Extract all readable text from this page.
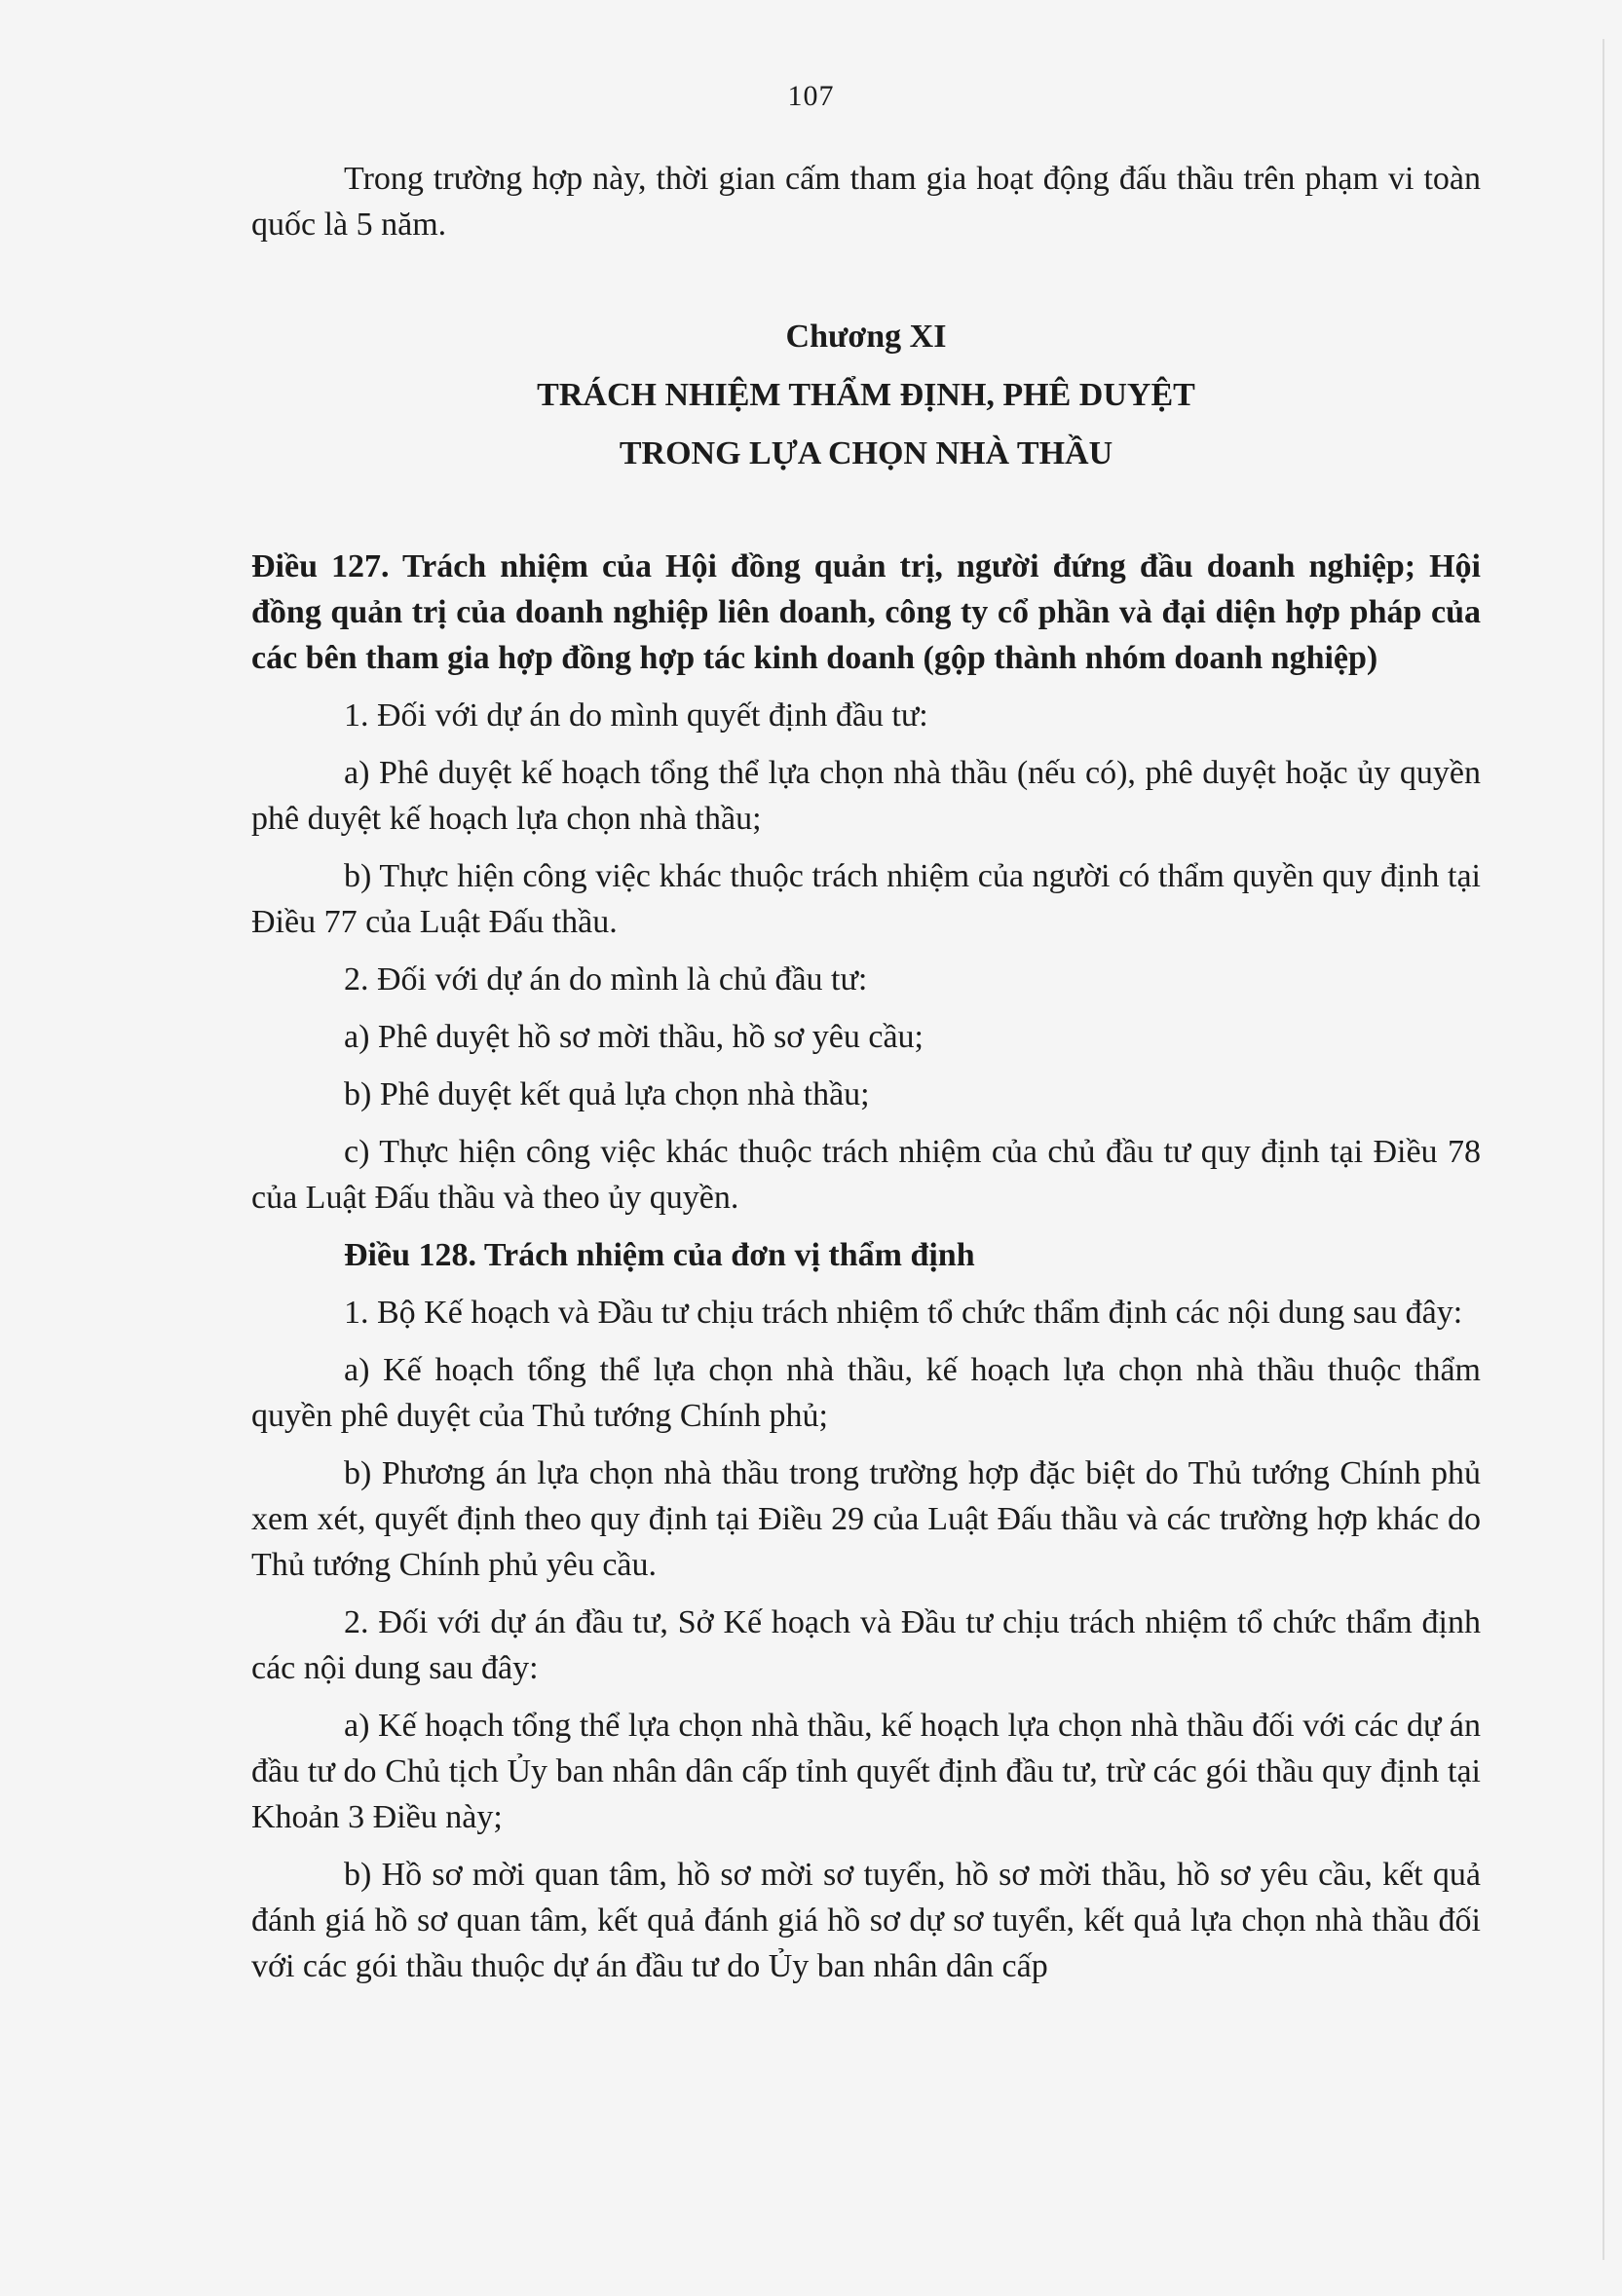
107

Trong trường hợp này, thời gian cấm tham gia hoạt động đấu thầu trên phạm vi toàn quốc là 5 năm.

Chương XI
TRÁCH NHIỆM THẨM ĐỊNH, PHÊ DUYỆT
TRONG LỰA CHỌN NHÀ THẦU
Điều 127. Trách nhiệm của Hội đồng quản trị, người đứng đầu doanh nghiệp; Hội đồng quản trị của doanh nghiệp liên doanh, công ty cổ phần và đại diện hợp pháp của các bên tham gia hợp đồng hợp tác kinh doanh (gộp thành nhóm doanh nghiệp)

1. Đối với dự án do mình quyết định đầu tư:

a) Phê duyệt kế hoạch tổng thể lựa chọn nhà thầu (nếu có), phê duyệt hoặc ủy quyền phê duyệt kế hoạch lựa chọn nhà thầu;

b) Thực hiện công việc khác thuộc trách nhiệm của người có thẩm quyền quy định tại Điều 77 của Luật Đấu thầu.

2. Đối với dự án do mình là chủ đầu tư:

a) Phê duyệt hồ sơ mời thầu, hồ sơ yêu cầu;

b) Phê duyệt kết quả lựa chọn nhà thầu;

c) Thực hiện công việc khác thuộc trách nhiệm của chủ đầu tư quy định tại Điều 78 của Luật Đấu thầu và theo ủy quyền.

Điều 128. Trách nhiệm của đơn vị thẩm định

1. Bộ Kế hoạch và Đầu tư chịu trách nhiệm tổ chức thẩm định các nội dung sau đây:

a) Kế hoạch tổng thể lựa chọn nhà thầu, kế hoạch lựa chọn nhà thầu thuộc thẩm quyền phê duyệt của Thủ tướng Chính phủ;

b) Phương án lựa chọn nhà thầu trong trường hợp đặc biệt do Thủ tướng Chính phủ xem xét, quyết định theo quy định tại Điều 29 của Luật Đấu thầu và các trường hợp khác do Thủ tướng Chính phủ yêu cầu.

2. Đối với dự án đầu tư, Sở Kế hoạch và Đầu tư chịu trách nhiệm tổ chức thẩm định các nội dung sau đây:

a) Kế hoạch tổng thể lựa chọn nhà thầu, kế hoạch lựa chọn nhà thầu đối với các dự án đầu tư do Chủ tịch Ủy ban nhân dân cấp tỉnh quyết định đầu tư, trừ các gói thầu quy định tại Khoản 3 Điều này;

b) Hồ sơ mời quan tâm, hồ sơ mời sơ tuyển, hồ sơ mời thầu, hồ sơ yêu cầu, kết quả đánh giá hồ sơ quan tâm, kết quả đánh giá hồ sơ dự sơ tuyển, kết quả lựa chọn nhà thầu đối với các gói thầu thuộc dự án đầu tư do Ủy ban nhân dân cấp
